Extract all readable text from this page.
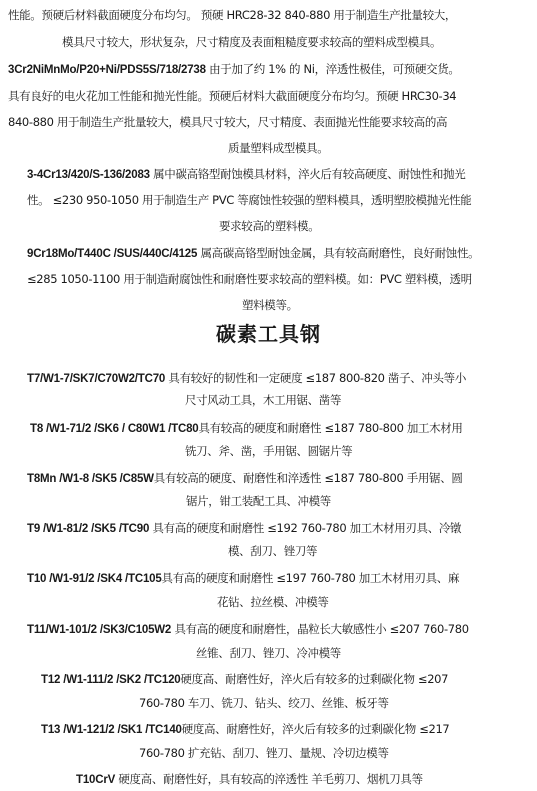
性能。预硬后材料截面硬度分布均匀。 预硬 HRC28-32 840-880 用于制造生产批量较大，
模具尺寸较大，形状复杂，尺寸精度及表面粗糙度要求较高的塑料成型模具。
3Cr2NiMnMo/P20+Ni/PDS5S/718/2738 由于加了约 1% 的 Ni，淬透性极佳，可预硬交货。
具有良好的电火花加工性能和抛光性能。预硬后材料大截面硬度分布均匀。预硬 HRC30-34
840-880 用于制造生产批量较大，模具尺寸较大，尺寸精度、表面抛光性能要求较高的高
质量塑料成型模具。
3-4Cr13/420/S-136/2083 属中碳高铬型耐蚀模具材料，淬火后有较高硬度、耐蚀性和抛光
性。 ≤230 950-1050 用于制造生产 PVC 等腐蚀性较强的塑料模具，透明塑胶模抛光性能
要求较高的塑料模。
9Cr18Mo/T440C /SUS/440C/4125 属高碳高铬型耐蚀金属，具有较高耐磨性，良好耐蚀性。
≤285 1050-1100 用于制造耐腐蚀性和耐磨性要求较高的塑料模。如：PVC 塑料模，透明
塑料模等。
碳素工具钢
T7/W1-7/SK7/C70W2/TC70 具有较好的韧性和一定硬度 ≤187 800-820 凿子、冲头等小
尺寸风动工具，木工用锯、凿等
T8 /W1-71/2 /SK6 / C80W1 /TC80具有较高的硬度和耐磨性 ≤187 780-800 加工木材用
铣刀、斧、凿，手用锯、圆锯片等
T8Mn /W1-8 /SK5 /C85W具有较高的硬度、耐磨性和淬透性 ≤187 780-800 手用锯、圆
锯片，钳工装配工具、冲模等
T9 /W1-81/2 /SK5 /TC90 具有高的硬度和耐磨性 ≤192 760-780 加工木材用刃具、冷镦
模、刮刀、锉刀等
T10 /W1-91/2 /SK4 /TC105具有高的硬度和耐磨性 ≤197 760-780 加工木材用刃具、麻
花钻、拉丝模、冲模等
T11/W1-101/2 /SK3/C105W2 具有高的硬度和耐磨性，晶粒长大敏感性小 ≤207 760-780
丝锥、刮刀、锉刀、冷冲模等
T12 /W1-111/2 /SK2 /TC120硬度高、耐磨性好，淬火后有较多的过剩碳化物 ≤207
760-780 车刀、铣刀、钻头、绞刀、丝锥、板牙等
T13 /W1-121/2 /SK1 /TC140硬度高、耐磨性好，淬火后有较多的过剩碳化物 ≤217
760-780 扩充钻、刮刀、锉刀、量规、冷切边模等
T10CrV 硬度高、耐磨性好，具有较高的淬透性 羊毛剪刀、烟机刀具等
